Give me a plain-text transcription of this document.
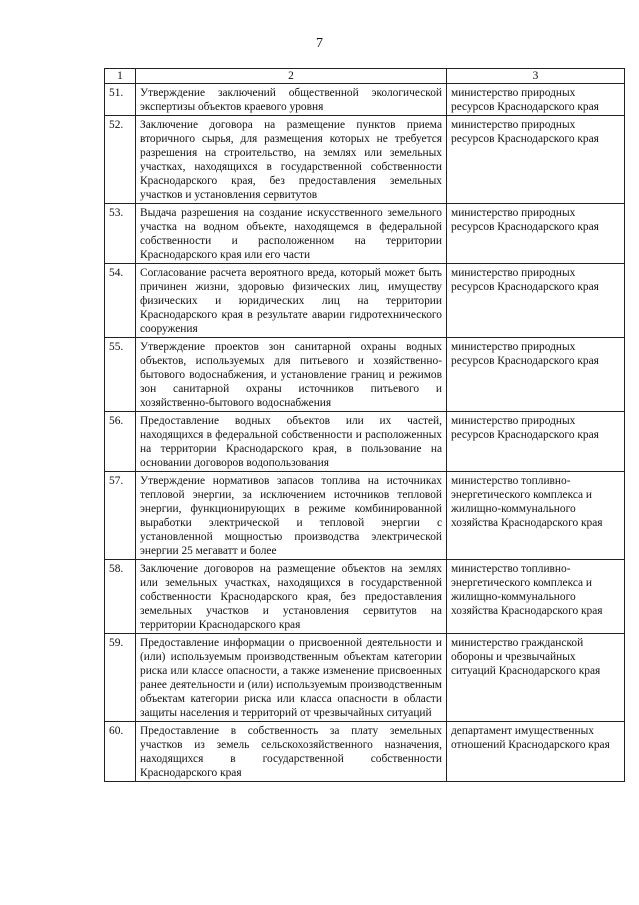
7
1	2	3
51.	Утверждение заключений общественной экологической экспертизы объектов краевого уровня	министерство природных ресурсов Краснодарского края
52.	Заключение договора на размещение пунктов приема вторичного сырья, для размещения которых не требуется разрешения на строительство, на землях или земельных участках, находящихся в государственной собственности Краснодарского края, без предоставления земельных участков и установления сервитутов	министерство природных ресурсов Краснодарского края
53.	Выдача разрешения на создание искусственного земельного участка на водном объекте, находящемся в федеральной собственности и расположенном на территории Краснодарского края или его части	министерство природных ресурсов Краснодарского края
54.	Согласование расчета вероятного вреда, который может быть причинен жизни, здоровью физических лиц, имуществу физических и юридических лиц на территории Краснодарского края в результате аварии гидротехнического сооружения	министерство природных ресурсов Краснодарского края
55.	Утверждение проектов зон санитарной охраны водных объектов, используемых для питьевого и хозяйственно-бытового водоснабжения, и установление границ и режимов зон санитарной охраны источников питьевого и хозяйственно-бытового водоснабжения	министерство природных ресурсов Краснодарского края
56.	Предоставление водных объектов или их частей, находящихся в федеральной собственности и расположенных на территории Краснодарского края, в пользование на основании договоров водопользования	министерство природных ресурсов Краснодарского края
57.	Утверждение нормативов запасов топлива на источниках тепловой энергии, за исключением источников тепловой энергии, функционирующих в режиме комбинированной выработки электрической и тепловой энергии с установленной мощностью производства электрической энергии 25 мегаватт и более	министерство топливно-энергетического комплекса и жилищно-коммунального хозяйства Краснодарского края
58.	Заключение договоров на размещение объектов на землях или земельных участках, находящихся в государственной собственности Краснодарского края, без предоставления земельных участков и установления сервитутов на территории Краснодарского края	министерство топливно-энергетического комплекса и жилищно-коммунального хозяйства Краснодарского края
59.	Предоставление информации о присвоенной деятельности и (или) используемым производственным объектам категории риска или классе опасности, а также изменение присвоенных ранее деятельности и (или) используемым производственным объектам категории риска или класса опасности в области защиты населения и территорий от чрезвычайных ситуаций	министерство гражданской обороны и чрезвычайных ситуаций Краснодарского края
60.	Предоставление в собственность за плату земельных участков из земель сельскохозяйственного назначения, находящихся в государственной собственности Краснодарского края	департамент имущественных отношений Краснодарского края
